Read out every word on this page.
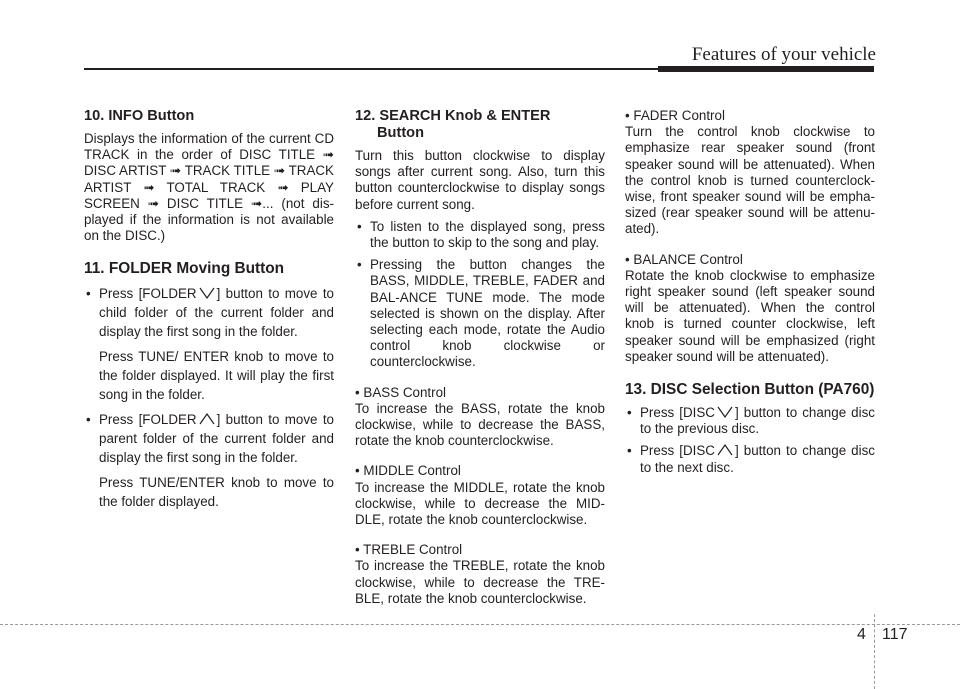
Features of your vehicle
10. INFO Button

Displays the information of the current CD TRACK in the order of DISC TITLE ➟ DISC ARTIST ➟ TRACK TITLE ➟ TRACK ARTIST ➟ TOTAL TRACK ➟ PLAY SCREEN ➟ DISC TITLE ➟... (not dis-played if the information is not available on the DISC.)

11. FOLDER Moving Button

• Press [FOLDER ] button to move to child folder of the current folder and display the first song in the folder.

Press TUNE/ ENTER knob to move to the folder displayed. It will play the first song in the folder.

• Press [FOLDER ] button to move to parent folder of the current folder and display the first song in the folder.

Press TUNE/ENTER knob to move to the folder displayed.

12. SEARCH Knob & ENTER
Button

Turn this button clockwise to display songs after current song. Also, turn this button counterclockwise to display songs before current song.

• To listen to the displayed song, press the button to skip to the song and play.

• Pressing the button changes the BASS, MIDDLE, TREBLE, FADER and BAL-ANCE TUNE mode. The mode selected is shown on the display. After selecting each mode, rotate the Audio control knob clockwise or counterclockwise.

• BASS Control

To increase the BASS, rotate the knob clockwise, while to decrease the BASS, rotate the knob counterclockwise.

• MIDDLE Control

To increase the MIDDLE, rotate the knob clockwise, while to decrease the MID-DLE, rotate the knob counterclockwise.

• TREBLE Control

To increase the TREBLE, rotate the knob clockwise, while to decrease the TRE-BLE, rotate the knob counterclockwise.

• FADER Control

Turn the control knob clockwise to emphasize rear speaker sound (front speaker sound will be attenuated). When the control knob is turned counterclock-wise, front speaker sound will be empha-sized (rear speaker sound will be attenu-ated).

• BALANCE Control

Rotate the knob clockwise to emphasize right speaker sound (left speaker sound will be attenuated). When the control knob is turned counter clockwise, left speaker sound will be emphasized (right speaker sound will be attenuated).

13. DISC Selection Button (PA760)

• Press [DISC ] button to change disc to the previous disc.

• Press [DISC ] button to change disc to the next disc.

4 117
